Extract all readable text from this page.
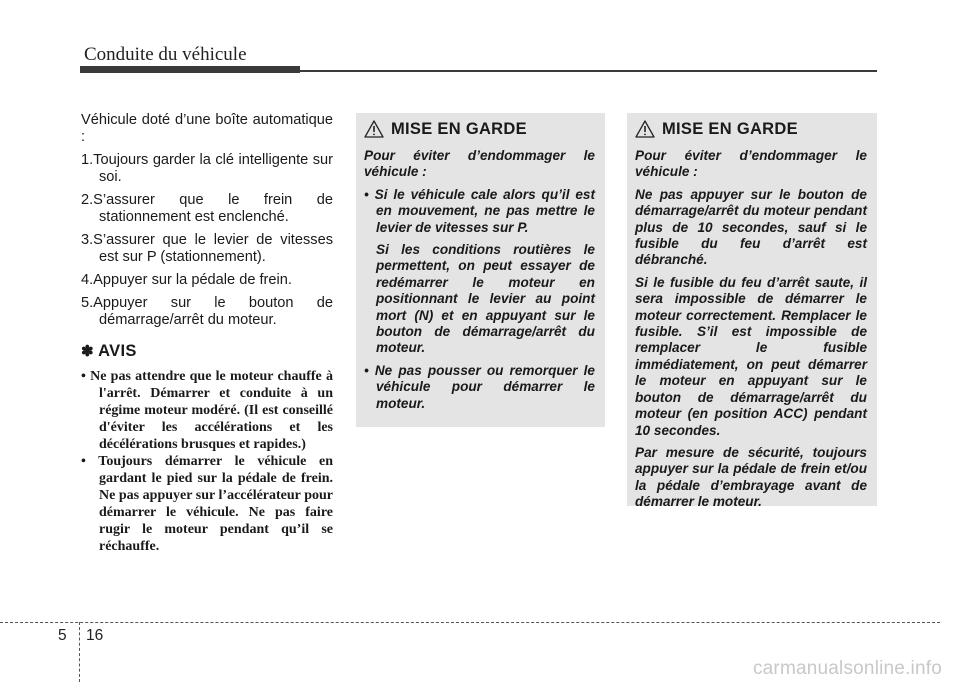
Conduite du véhicule

Véhicule doté d’une boîte automatique :

1.Toujours garder la clé intelligente sur soi.
2.S’assurer que le frein de stationnement est enclenché.
3.S’assurer que le levier de vitesses est sur P (stationnement).
4.Appuyer sur la pédale de frein.
5.Appuyer sur le bouton de démarrage/arrêt du moteur.

✽ AVIS

• Ne pas attendre que le moteur chauffe à l'arrêt. Démarrer et conduite à un régime moteur modéré. (Il est conseillé d'éviter les accélérations et les décélérations brusques et rapides.)
• Toujours démarrer le véhicule en gardant le pied sur la pédale de frein. Ne pas appuyer sur l’accélérateur pour démarrer le véhicule. Ne pas faire rugir le moteur pendant qu’il se réchauffe.
MISE EN GARDE

Pour éviter d’endommager le véhicule :

• Si le véhicule cale alors qu’il est en mouvement, ne pas mettre le levier de vitesses sur P.
Si les conditions routières le permettent, on peut essayer de redémarrer le moteur en positionnant le levier au point mort (N) et en appuyant sur le bouton de démarrage/arrêt du moteur.
• Ne pas pousser ou remorquer le véhicule pour démarrer le moteur.
MISE EN GARDE

Pour éviter d’endommager le véhicule :

Ne pas appuyer sur le bouton de démarrage/arrêt du moteur pendant plus de 10 secondes, sauf si le fusible du feu d’arrêt est débranché.

Si le fusible du feu d’arrêt saute, il sera impossible de démarrer le moteur correctement. Remplacer le fusible. S’il est impossible de remplacer le fusible immédiatement, on peut démarrer le moteur en appuyant sur le bouton de démarrage/arrêt du moteur (en position ACC) pendant 10 secondes.

Par mesure de sécurité, toujours appuyer sur la pédale de frein et/ou la pédale d’embrayage avant de démarrer le moteur.

5 16
carmanualsonline.info
